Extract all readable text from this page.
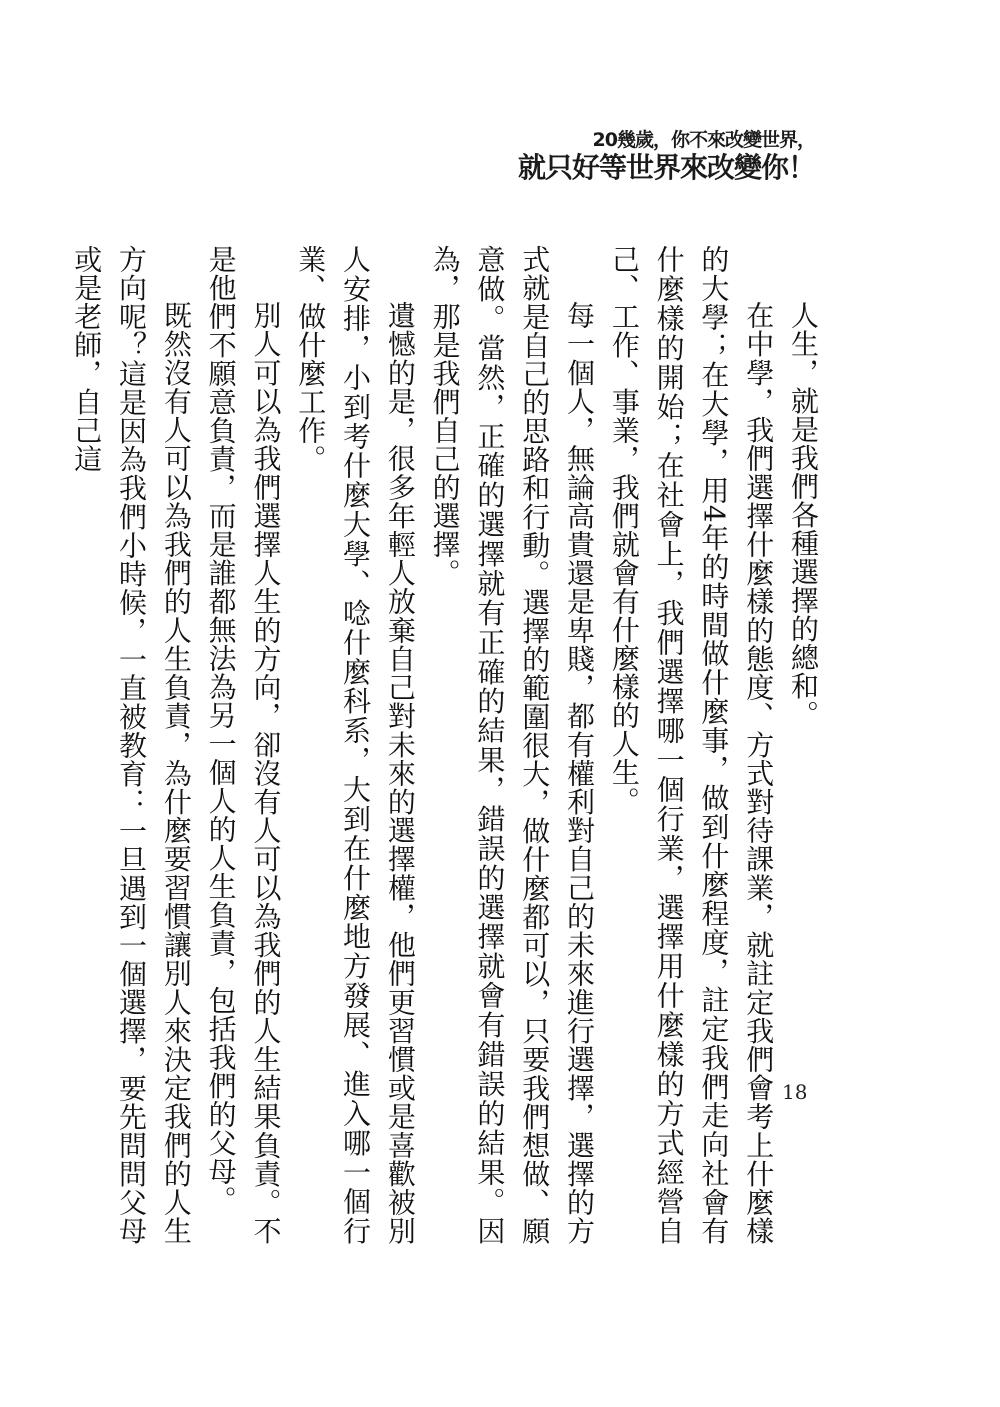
20幾歲，你不來改變世界，
就只好等世界來改變你！

人生，就是我們各種選擇的總和。

在中學，我們選擇什麼樣的態度、方式對待課業，就註定我們會考上什麼樣的大學；在大學，用4年的時間做什麼事，做到什麼程度，註定我們走向社會有什麼樣的開始；在社會上，我們選擇哪一個行業，選擇用什麼樣的方式經營自己、工作、事業，我們就會有什麼樣的人生。

每一個人，無論高貴還是卑賤，都有權利對自己的未來進行選擇，選擇的方式就是自己的思路和行動。選擇的範圍很大，做什麼都可以，只要我們想做、願意做。當然，正確的選擇就有正確的結果，錯誤的選擇就會有錯誤的結果。因為，那是我們自己的選擇。

遺憾的是，很多年輕人放棄自己對未來的選擇權，他們更習慣或是喜歡被別人安排，小到考什麼大學、唸什麼科系，大到在什麼地方發展、進入哪一個行業、做什麼工作。

別人可以為我們選擇人生的方向，卻沒有人可以為我們的人生結果負責。不是他們不願意負責，而是誰都無法為另一個人的人生負責，包括我們的父母。

既然沒有人可以為我們的人生負責，為什麼要習慣讓別人來決定我們的人生方向呢？這是因為我們小時候，一直被教育：一旦遇到一個選擇，要先問問父母或是老師，自己這

18
